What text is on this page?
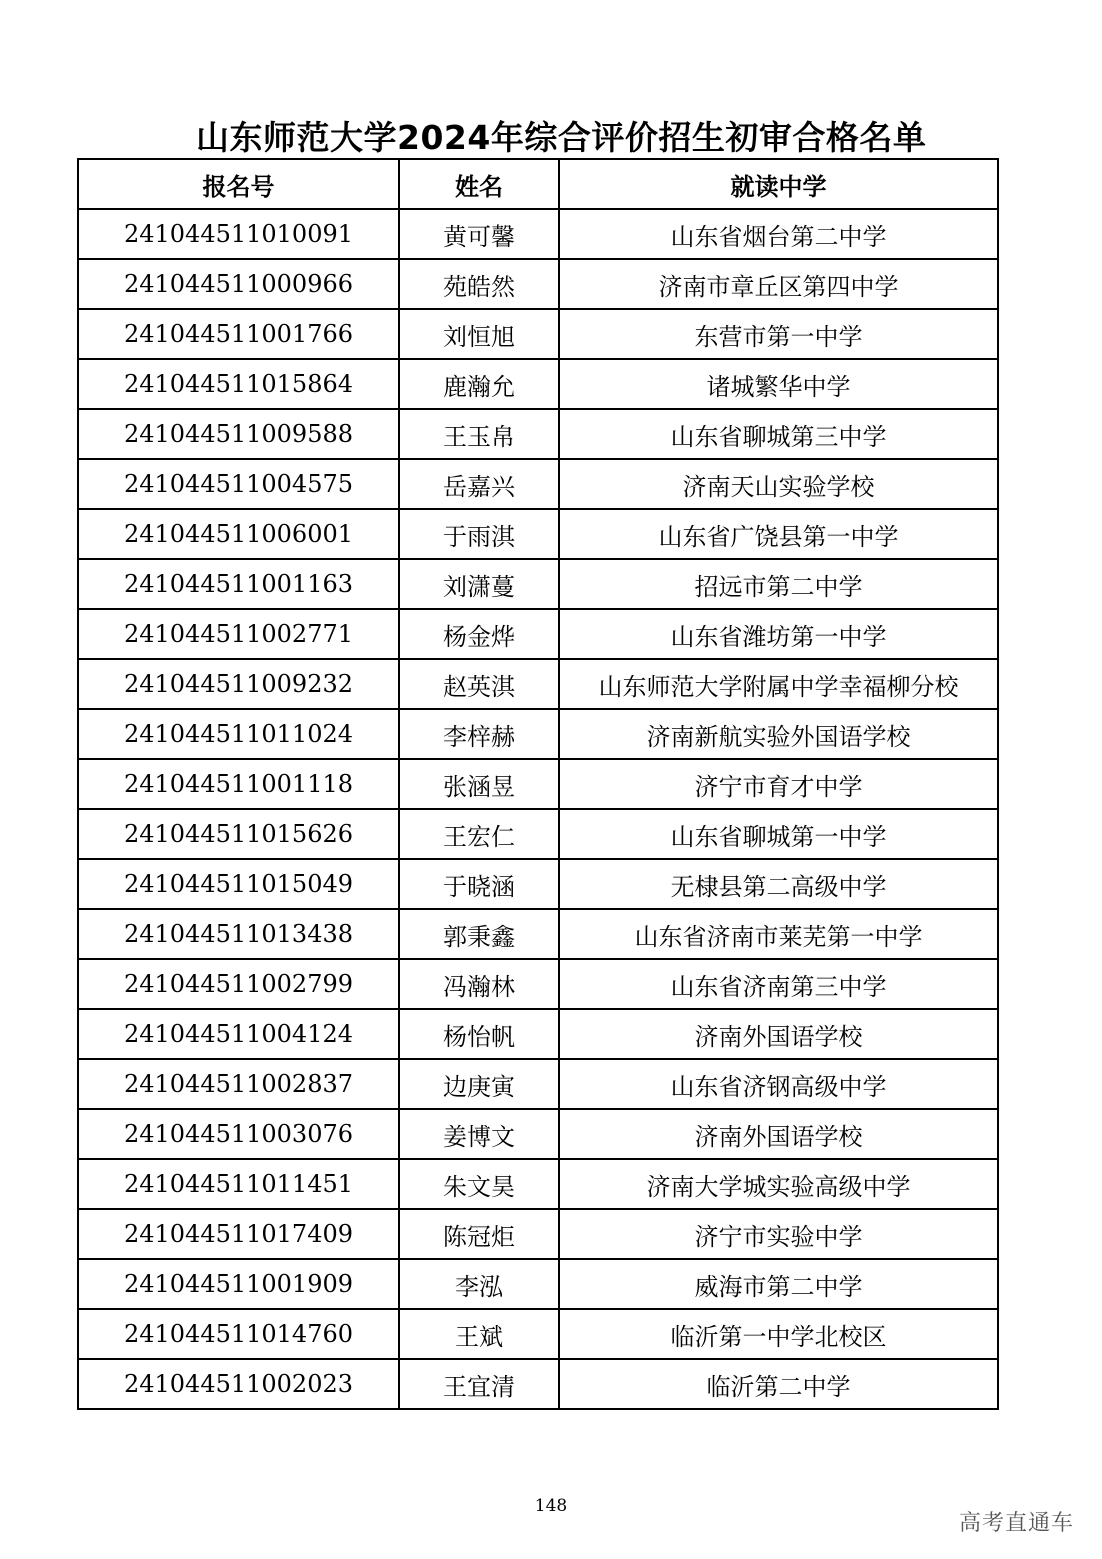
山东师范大学2024年综合评价招生初审合格名单
报名号	姓名	就读中学
241044511010091	黄可馨	山东省烟台第二中学
241044511000966	苑皓然	济南市章丘区第四中学
241044511001766	刘恒旭	东营市第一中学
241044511015864	鹿瀚允	诸城繁华中学
241044511009588	王玉帛	山东省聊城第三中学
241044511004575	岳嘉兴	济南天山实验学校
241044511006001	于雨淇	山东省广饶县第一中学
241044511001163	刘潇蔓	招远市第二中学
241044511002771	杨金烨	山东省潍坊第一中学
241044511009232	赵英淇	山东师范大学附属中学幸福柳分校
241044511011024	李梓赫	济南新航实验外国语学校
241044511001118	张涵昱	济宁市育才中学
241044511015626	王宏仁	山东省聊城第一中学
241044511015049	于晓涵	无棣县第二高级中学
241044511013438	郭秉鑫	山东省济南市莱芜第一中学
241044511002799	冯瀚林	山东省济南第三中学
241044511004124	杨怡帆	济南外国语学校
241044511002837	边庚寅	山东省济钢高级中学
241044511003076	姜博文	济南外国语学校
241044511011451	朱文昊	济南大学城实验高级中学
241044511017409	陈冠炬	济宁市实验中学
241044511001909	李泓	威海市第二中学
241044511014760	王斌	临沂第一中学北校区
241044511002023	王宜清	临沂第二中学
148
高考直通车
